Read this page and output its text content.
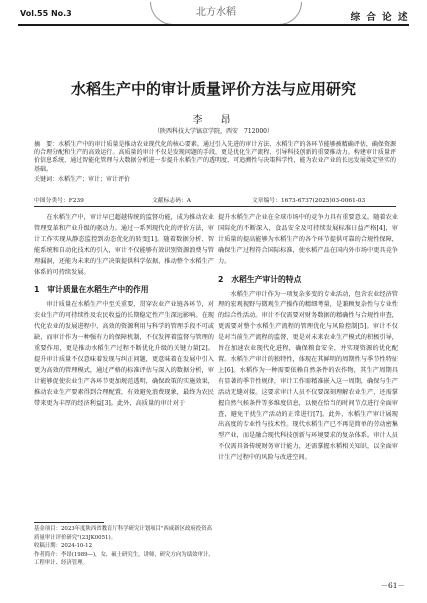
Vol.55 No.3	北方水稻	综 合 论 述
水稻生产中的审计质量评价方法与应用研究
李　昂
（陕西科技大学镐京学院，西安　712000）
摘　要：水稻生产中的审计质量是推动农业现代化的核心要素。通过引入先进的审计方法、水稻生产的各环节能够被精确评估，确保资源的合理分配和生产的高效运行。高质量的审计不仅是发现问题的手段，更是优化生产流程、引导科技创新的重要推动力。构建审计质量评价信息系统，通过智能化管理与大数据分析进一步提升水稻生产的透明度、可追溯性与决策科学性，能为农业产业的长远发展奠定坚实的基础。
关键词：水稻生产；审计；审计评价
中图分类号：F239	文献标志码：A	文章编号：1673-6737(2025)03-0061-03

在水稻生产中，审计早已超越传统的监督功能，成为推动农业管理变革和产业升级的驱动力。通过一系列现代化的评价方法，审计工作实现从静态监控到动态优化的转变[1]。随着数据分析、智能系统和自动化技术的引入，审计不仅能够有效识别资源浪费与管理漏洞，还能为未来的生产决策提供科学依据，推动整个水稻生产体系的可持续发展。

1　审计质量在水稻生产中的作用

审计质量在水稻生产中至关重要，贯穿农业产业链各环节，对农业生产的可持续性及农民收益的长期稳定性产生深远影响。在现代化农业的发展进程中，高效的资源利用与科学的管理手段不可或缺，而审计作为一种强有力的保障机制，不仅发挥着监督与管理的重要作用，更是推动水稻生产过程不断优化升级的关键力量[2]。提升审计质量不仅意味着发现与纠正问题，更意味着在发展中引入更为高效的管理模式，通过严格的标准评估与深入的数据分析，审计能够促使农业生产各环节更加规范透明，确保政策的实施效果，推动农业生产要素得到合理配置，有效避免浪费现象，最终为农民带来更为丰厚的经济利益[3]。此外，高质量的审计对于

提升水稻生产企业在全球市场中的竞争力具有重要意义。随着农业国际化的不断深入，食品安全及可持续发展标准日益严格[4]，审计质量的提高能够为水稻生产的各个环节提供可靠的合规性保障，确保生产过程符合国际标准，使水稻产品在国内外市场中更具竞争力。

2　水稻生产审计的特点

水稻生产审计作为一项复杂多变的专业活动，包含农业经济管理的宏观视野与微观生产操作的精细考量，是兼顾复杂性与专业性的综合性活动。审计不仅需要对财务数据的精确性与合规性审查，更需要对整个水稻生产流程的管理优化与风险控制[5]。审计不仅是对当前生产流程的监督，更是对未来农业生产模式的积极引导，旨在加速农业现代化进程，确保粮食安全，并实现资源的优化配置。水稻生产审计的独特性，体现在其鲜明的周期性与季节性特征上[6]。水稻作为一种需要依赖自然条件的农作物，其生产周期具有显著的季节性规律，审计工作需精准嵌入这一周期，确保与生产活动无缝对接。这要求审计人员不仅要深刻理解农业生产，还需掌握自然气候条件等多维度信息，以便在恰当的时间节点进行全面审查，避免干扰生产活动的正常进行[7]。此外，水稻生产审计展现出高度的专业性与技术性。现代水稻生产已不再是简单的劳动密集型产业，而是融合现代科技创新与环境要求的复杂体系。审计人员不仅需具备传统财务审计能力，还需掌握水稻相关知识，以全面审计生产过程中的风险与改进空间。

基金项目：2023年度陕西省教育厅科学研究计划项目"西咸新区政府投资高质量审计评价研究"(23JK0051)。
收稿日期：2024-10-12
作者简介：李昂(1989—)，女，硕士研究生，讲师，研究方向为绩效审计、工程审计、经济管理。
－61－
